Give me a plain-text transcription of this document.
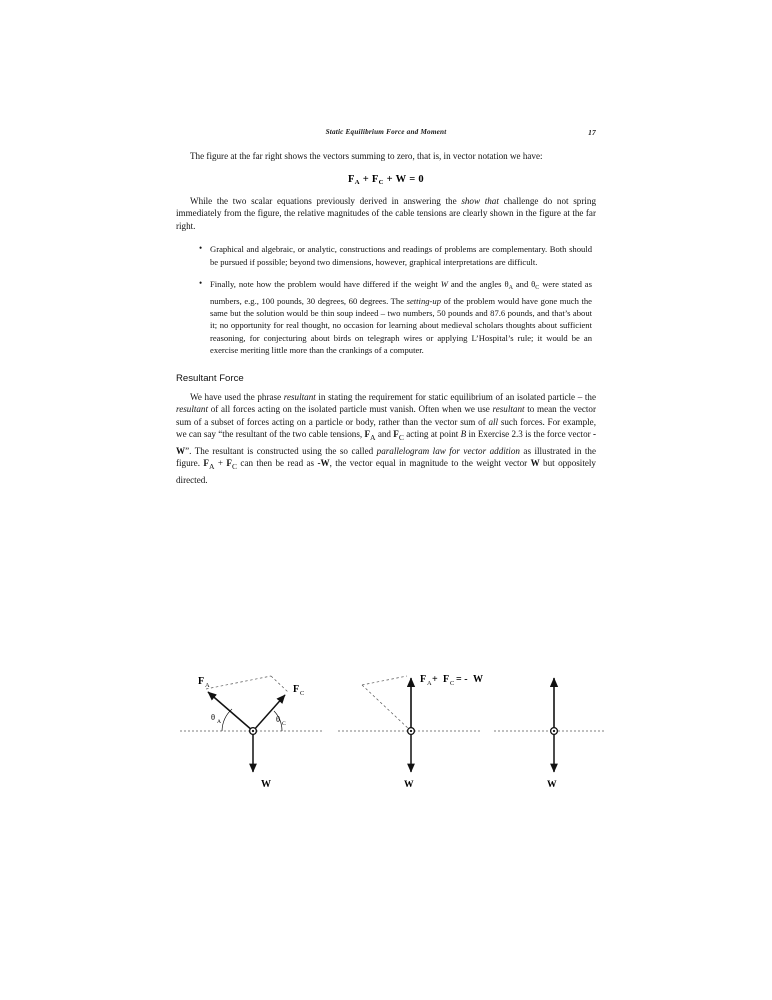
Static Equilibrium Force and Moment	17

The figure at the far right shows the vectors summing to zero, that is, in vector notation we have:

$F_A + F_C + W = 0$

While the two scalar equations previously derived in answering the show that challenge do not spring immediately from the figure, the relative magnitudes of the cable tensions are clearly shown in the figure at the far right.

• Graphical and algebraic, or analytic, constructions and readings of problems are complementary. Both should be pursued if possible; beyond two dimensions, however, graphical interpretations are difficult.
• Finally, note how the problem would have differed if the weight W and the angles $\theta_A$ and $\theta_C$ were stated as numbers, e.g., 100 pounds, 30 degrees, 60 degrees. The setting-up of the problem would have gone much the same but the solution would be thin soup indeed – two numbers, 50 pounds and 87.6 pounds, and that’s about it; no opportunity for real thought, no occasion for learning about medieval scholars thoughts about sufficient reasoning, for conjecturing about birds on telegraph wires or applying L’Hospital’s rule; it would be an exercise meriting little more than the crankings of a computer.
Resultant Force

We have used the phrase resultant in stating the requirement for static equilibrium of an isolated particle – the resultant of all forces acting on the isolated particle must vanish. Often when we use resultant to mean the vector sum of a subset of forces acting on a particle or body, rather than the vector sum of all such forces. For example, we can say “the resultant of the two cable tensions, $F_A$ and $F_C$ acting at point B in Exercise 2.3 is the force vector -W”. The resultant is constructed using the so called parallelogram law for vector addition as illustrated in the figure. $F_A + F_C$ can then be read as -W, the vector equal in magnitude to the weight vector W but oppositely directed.

F A	F C
θ A	θ C
W
F A + F C = - W
W	W
